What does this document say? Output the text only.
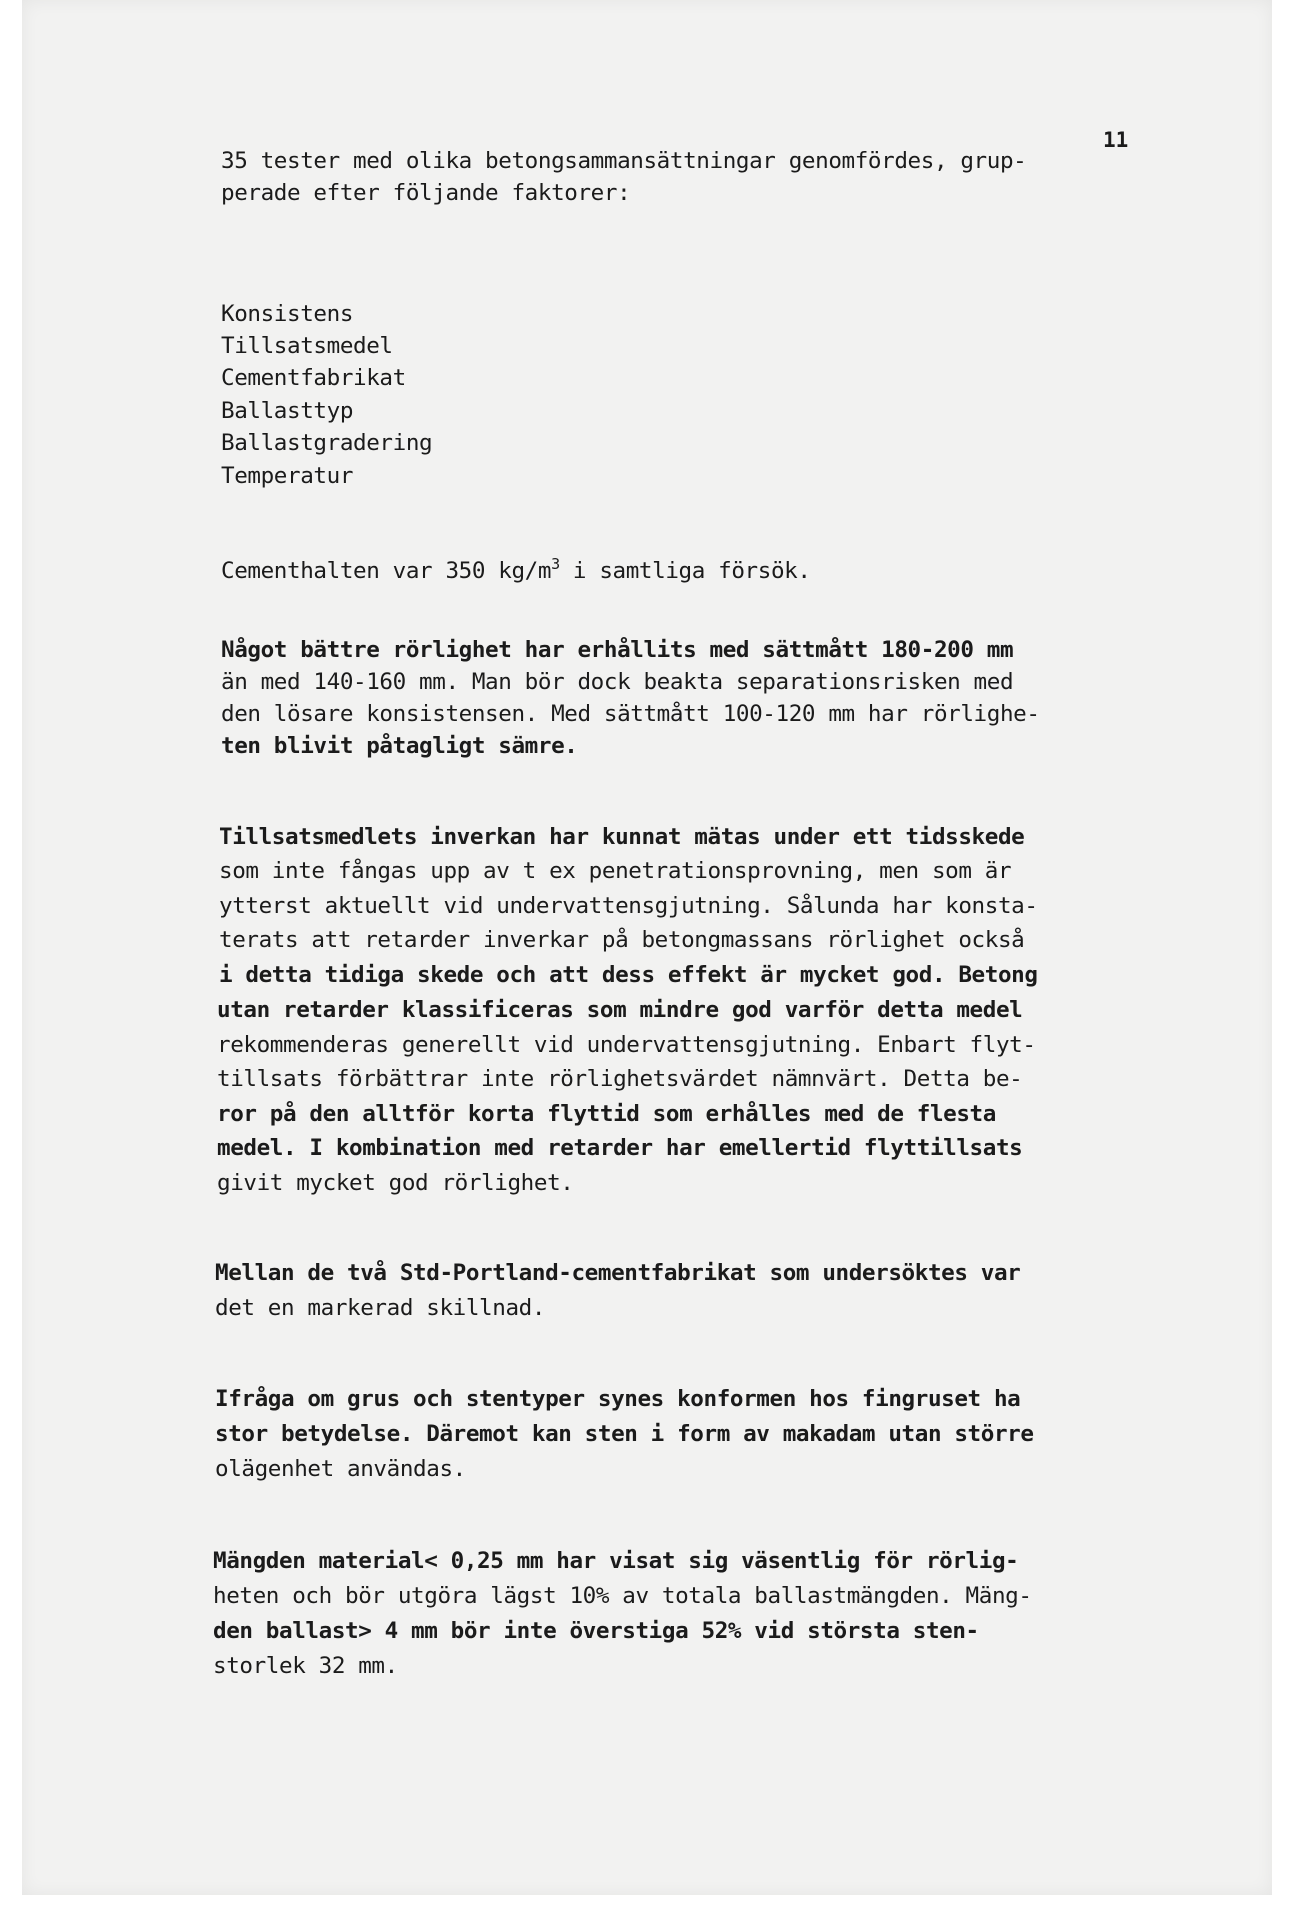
11
35 tester med olika betongsammansättningar genomfördes, grup-
perade efter följande faktorer:
Konsistens
Tillsatsmedel
Cementfabrikat
Ballasttyp
Ballastgradering
Temperatur
Cementhalten var 350 $kg/m^3$ i samtliga försök.
Något bättre rörlighet har erhållits med sättmått 180-200 mm
än med 140-160 mm. Man bör dock beakta separationsrisken med
den lösare konsistensen. Med sättmått 100-120 mm har rörlighe-
ten blivit påtagligt sämre.
Tillsatsmedlets inverkan har kunnat mätas under ett tidsskede
som inte fångas upp av t ex penetrationsprovning, men som är
ytterst aktuellt vid undervattensgjutning. Sålunda har konsta-
terats att retarder inverkar på betongmassans rörlighet också
i detta tidiga skede och att dess effekt är mycket god. Betong
utan retarder klassificeras som mindre god varför detta medel
rekommenderas generellt vid undervattensgjutning. Enbart flyt-
tillsats förbättrar inte rörlighetsvärdet nämnvärt. Detta be-
ror på den alltför korta flyttid som erhålles med de flesta
medel. I kombination med retarder har emellertid flyttillsats
givit mycket god rörlighet.
Mellan de två Std-Portland-cementfabrikat som undersöktes var
det en markerad skillnad.
Ifråga om grus och stentyper synes konformen hos fingruset ha
stor betydelse. Däremot kan sten i form av makadam utan större
olägenhet användas.
Mängden material< 0,25 mm har visat sig väsentlig för rörlig-
heten och bör utgöra lägst 10% av totala ballastmängden. Mäng-
den ballast> 4 mm bör inte överstiga 52% vid största sten-
storlek 32 mm.
